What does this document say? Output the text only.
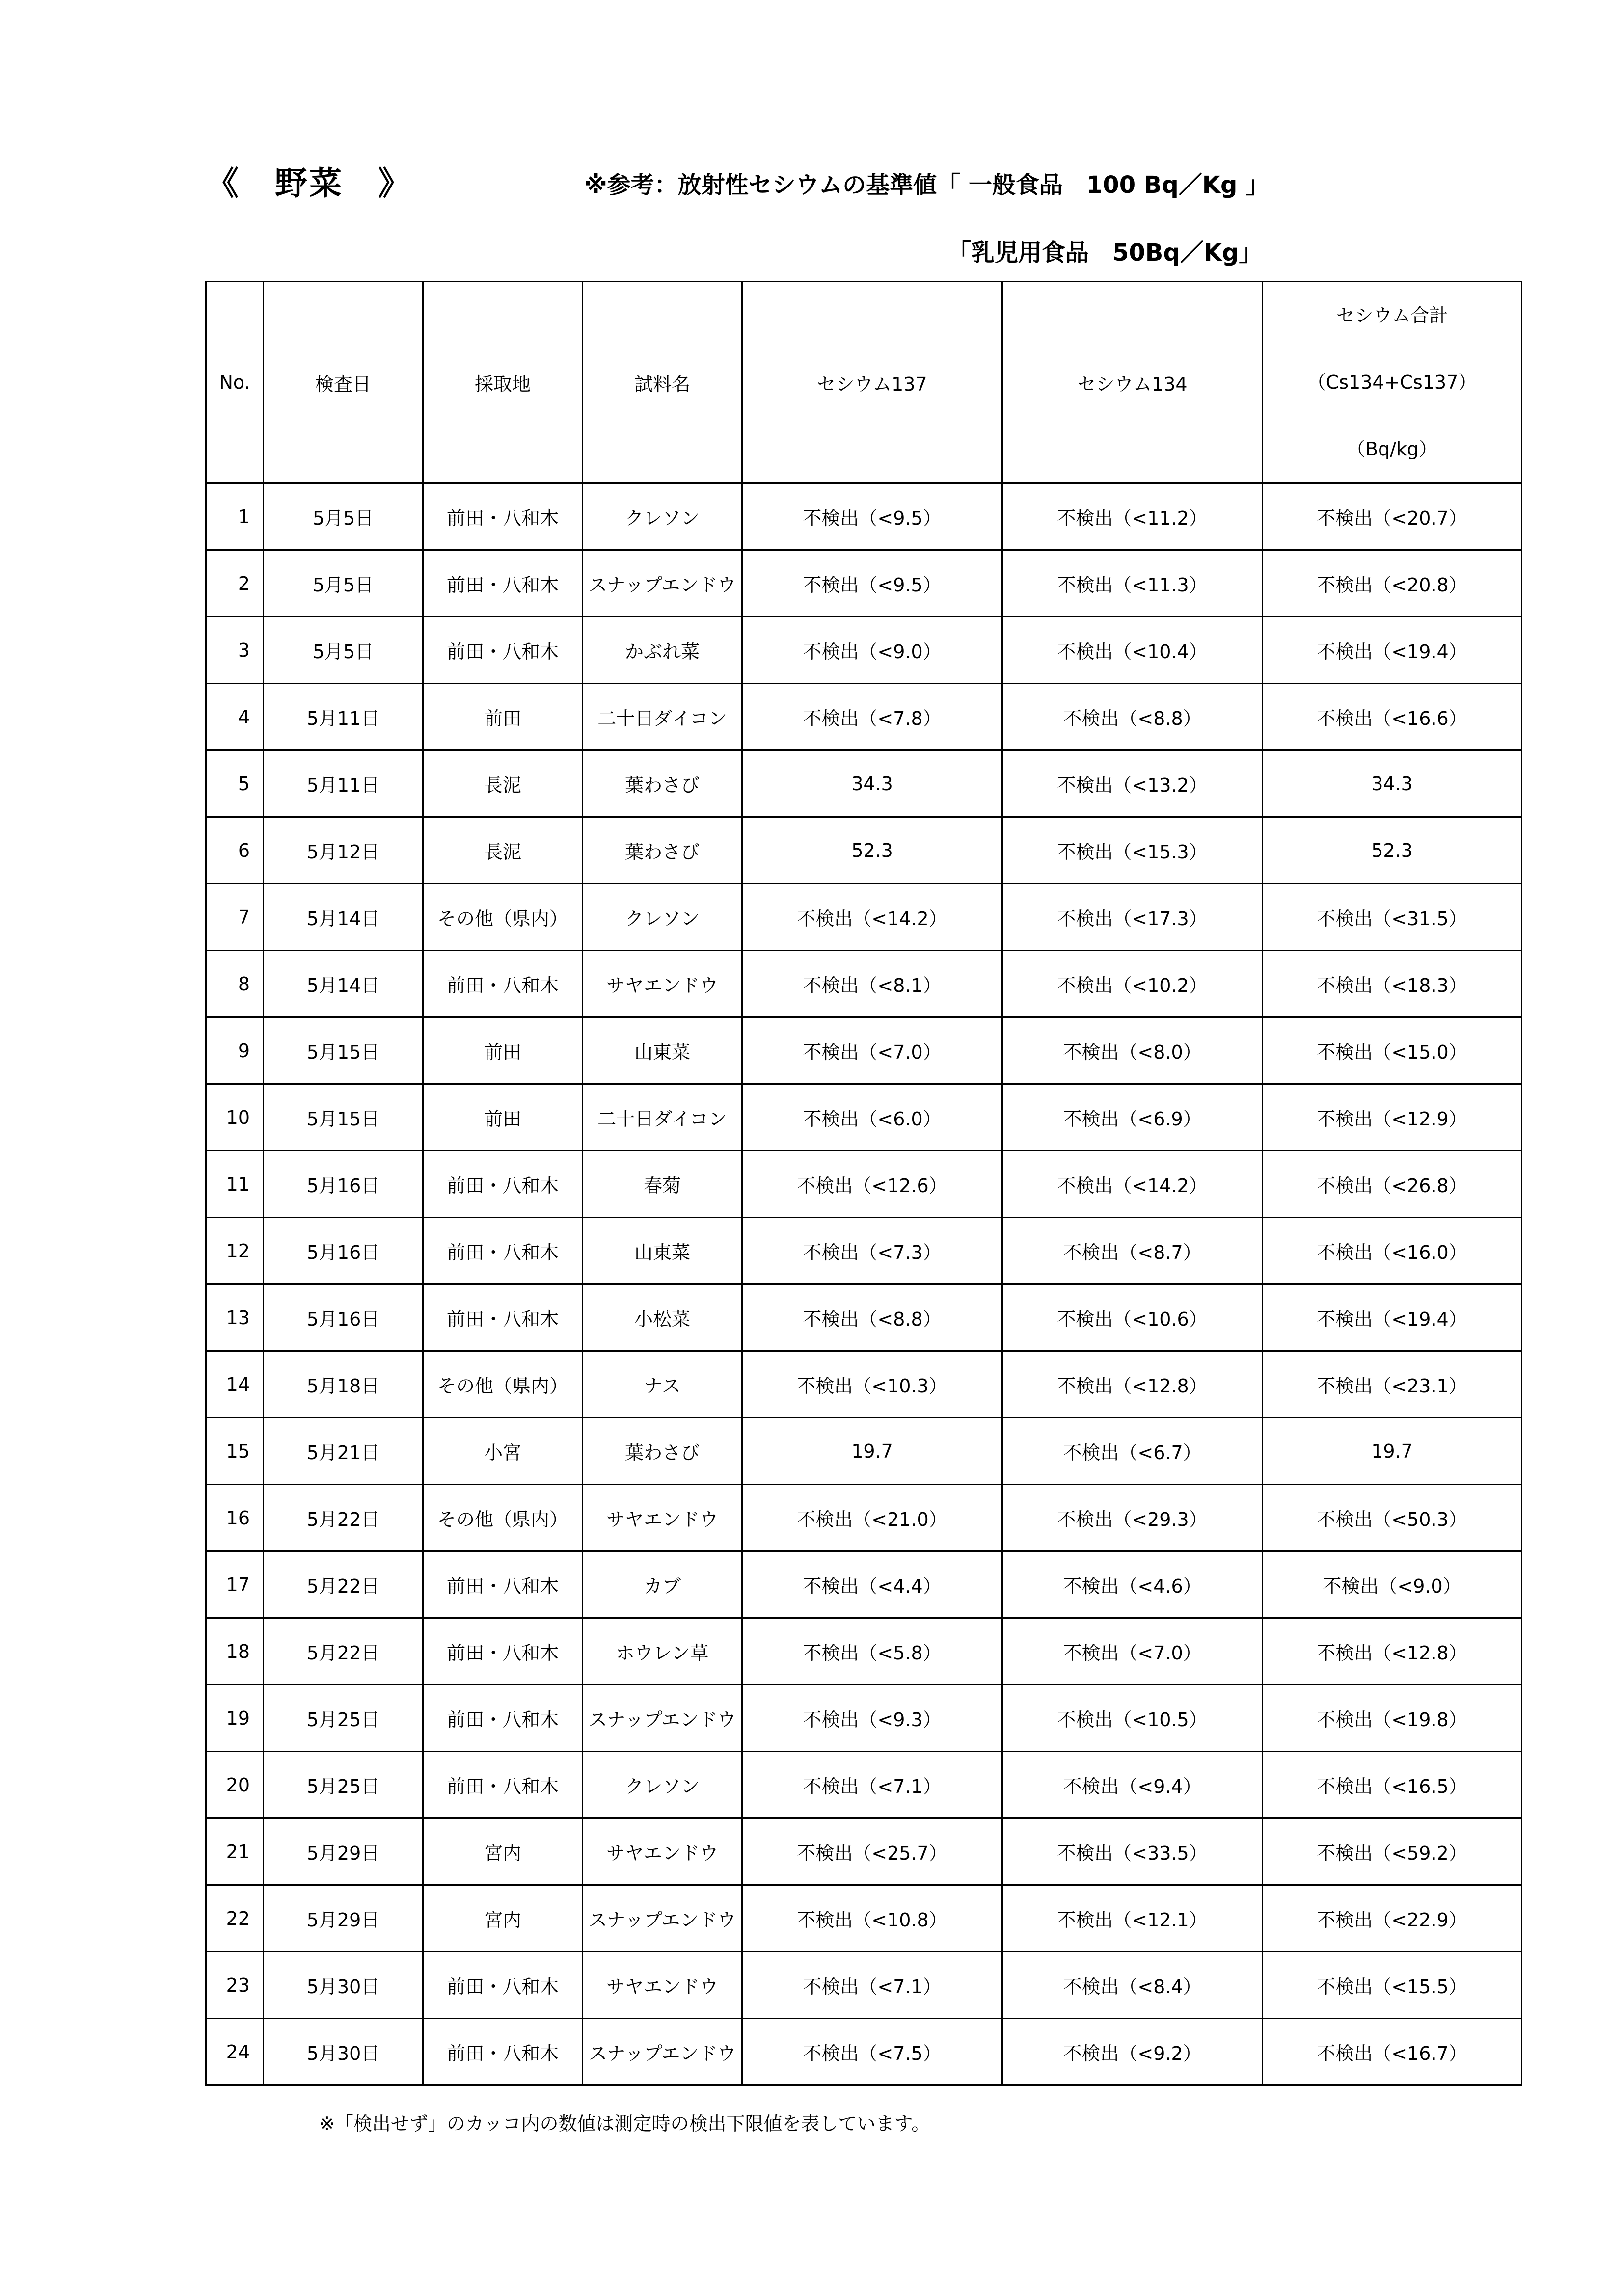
《　野菜　》	※参考：放射性セシウムの基準値「 一般食品　100 Bq／Kg 」
「乳児用食品　50Bq／Kg」
No.	検査日	採取地	試料名	セシウム137	セシウム134	セシウム合計
（Cs134+Cs137）
（Bq/kg）

1	5月5日	前田・八和木	クレソン	不検出（<9.5）	不検出（<11.2）	不検出（<20.7）
2	5月5日	前田・八和木	スナップエンドウ	不検出（<9.5）	不検出（<11.3）	不検出（<20.8）
3	5月5日	前田・八和木	かぶれ菜	不検出（<9.0）	不検出（<10.4）	不検出（<19.4）
4	5月11日	前田	二十日ダイコン	不検出（<7.8）	不検出（<8.8）	不検出（<16.6）
5	5月11日	長泥	葉わさび	34.3	不検出（<13.2）	34.3
6	5月12日	長泥	葉わさび	52.3	不検出（<15.3）	52.3
7	5月14日	その他（県内）	クレソン	不検出（<14.2）	不検出（<17.3）	不検出（<31.5）
8	5月14日	前田・八和木	サヤエンドウ	不検出（<8.1）	不検出（<10.2）	不検出（<18.3）
9	5月15日	前田	山東菜	不検出（<7.0）	不検出（<8.0）	不検出（<15.0）
10	5月15日	前田	二十日ダイコン	不検出（<6.0）	不検出（<6.9）	不検出（<12.9）
11	5月16日	前田・八和木	春菊	不検出（<12.6）	不検出（<14.2）	不検出（<26.8）
12	5月16日	前田・八和木	山東菜	不検出（<7.3）	不検出（<8.7）	不検出（<16.0）
13	5月16日	前田・八和木	小松菜	不検出（<8.8）	不検出（<10.6）	不検出（<19.4）
14	5月18日	その他（県内）	ナス	不検出（<10.3）	不検出（<12.8）	不検出（<23.1）
15	5月21日	小宮	葉わさび	19.7	不検出（<6.7）	19.7
16	5月22日	その他（県内）	サヤエンドウ	不検出（<21.0）	不検出（<29.3）	不検出（<50.3）
17	5月22日	前田・八和木	カブ	不検出（<4.4）	不検出（<4.6）	不検出（<9.0）
18	5月22日	前田・八和木	ホウレン草	不検出（<5.8）	不検出（<7.0）	不検出（<12.8）
19	5月25日	前田・八和木	スナップエンドウ	不検出（<9.3）	不検出（<10.5）	不検出（<19.8）
20	5月25日	前田・八和木	クレソン	不検出（<7.1）	不検出（<9.4）	不検出（<16.5）
21	5月29日	宮内	サヤエンドウ	不検出（<25.7）	不検出（<33.5）	不検出（<59.2）
22	5月29日	宮内	スナップエンドウ	不検出（<10.8）	不検出（<12.1）	不検出（<22.9）
23	5月30日	前田・八和木	サヤエンドウ	不検出（<7.1）	不検出（<8.4）	不検出（<15.5）
24	5月30日	前田・八和木	スナップエンドウ	不検出（<7.5）	不検出（<9.2）	不検出（<16.7）
※「検出せず」のカッコ内の数値は測定時の検出下限値を表しています。
